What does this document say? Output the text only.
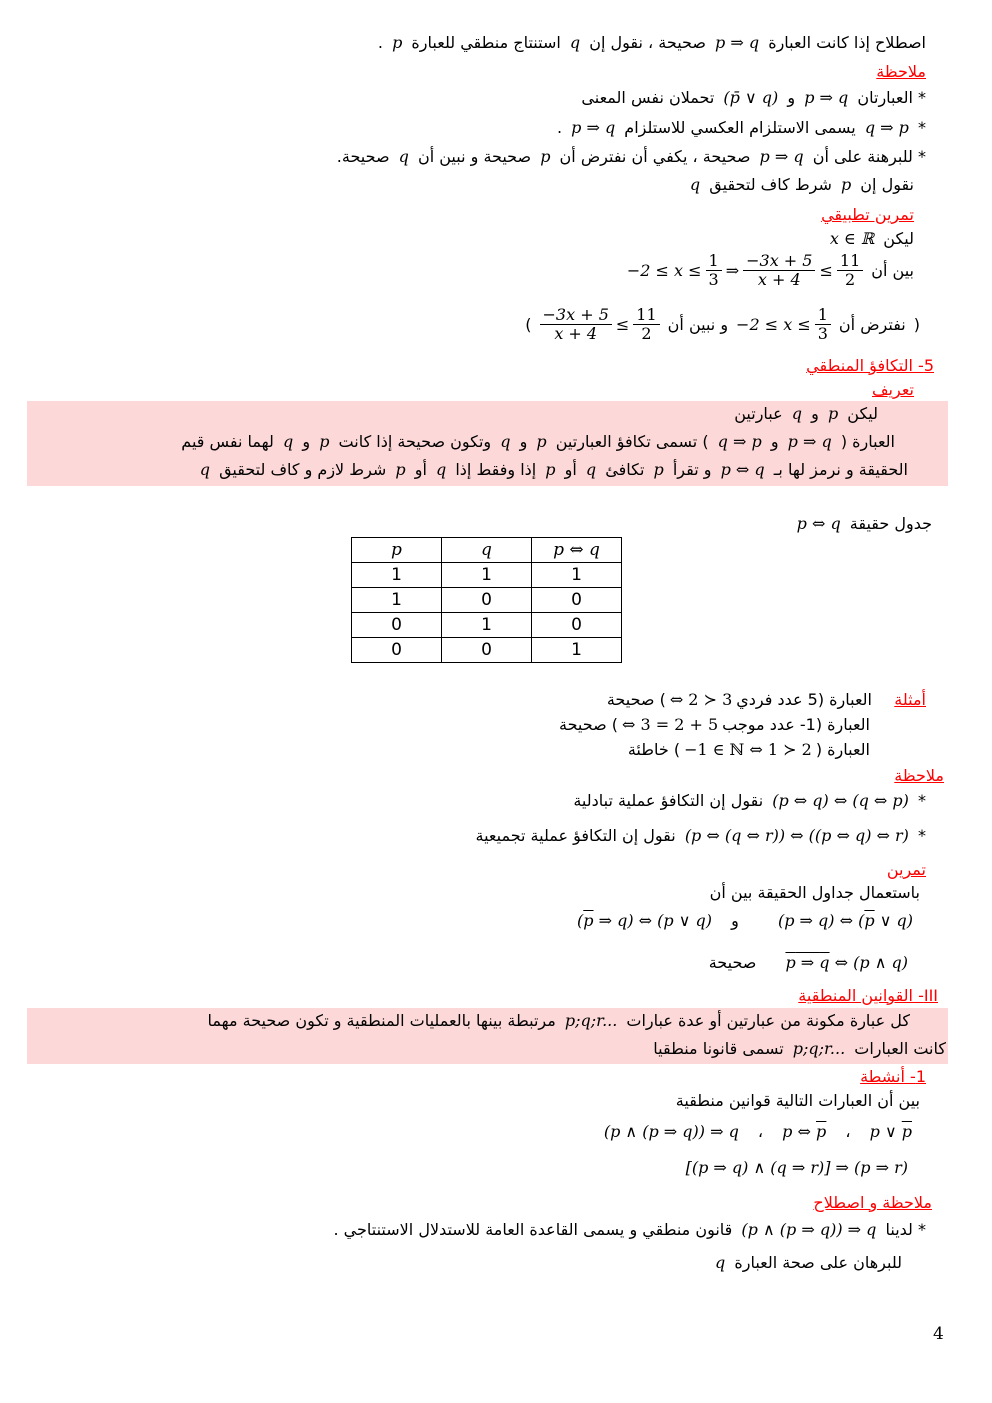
اصطلاح إذا كانت العبارة p ⇒ q صحيحة ، نقول إن q استنتاج منطقي للعبارة p .
ملاحظة
* العبارتان p ⇒ q و (p̄ ∨ q) تحملان نفس المعنى
* q ⇒ p يسمى الاستلزام العكسي للاستلزام p ⇒ q .
* للبرهنة على أن p ⇒ q صحيحة ، يكفي أن نفترض أن p صحيحة و نبين أن q صحيحة.
نقول إن p شرط كاف لتحقيق q
تمرين تطبيقي
ليكن x ∈ ℝ
بين أن
$-2 \le x \le \frac{1}{3}$ ⇒ $\frac{-3x + 5}{x + 4} \le \frac{11}{2}$
(
نفترض أن
$-2 \le x \le \frac{1}{3}$
و نبين أن
$\frac{-3x + 5}{x + 4} \le \frac{11}{2}$
)
5- التكافؤ المنطقي
تعريف
ليكن p و q عبارتين
العبارة ( p ⇒ q و q ⇒ p ) تسمى تكافؤ العبارتين p و q وتكون صحيحة إذا كانت p و q لهما نفس قيم
الحقيقة و نرمز لها بـ p ⇔ q و تقرأ p تكافئ q أو p إذا وفقط إذا q أو p شرط لازم و كاف لتحقيق q
جدول حقيقة p ⇔ q
p	q	p ⇔ q
1	1	1
1	0	0
0	1	0
0	0	1
أمثلة
العبارة (5 عدد فردي⇔ 2 ≻ 3) صحيحة
العبارة (1- عدد موجب⇔ 3 = 2 + 5) صحيحة
العبارة (−1 ∈ ℕ ⇔ 1 ≻ 2) خاطئة
ملاحظة
* (p ⇔ q) ⇔ (q ⇔ p) نقول إن التكافؤ عملية تبادلية
* (p ⇔ (q ⇔ r)) ⇔ ((p ⇔ q) ⇔ r) نقول إن التكافؤ عملية تجميعية
تمرين
باستعمال جداول الحقيقة بين أن
(p ⇒ q) ⇔ ($\overline{p}$ ∨ q) و ($\overline{p}$ ⇒ q) ⇔ (p ∨ q)
p ⇒ q ⇔ (p ∧ q) صحيحة
III- القوانين المنطقية
كل عبارة مكونة من عبارتين أو عدة عبارات p;q;r... مرتبطة بينها بالعمليات المنطقية و تكون صحيحة مهما
كانت العبارات p;q;r... تسمى قانونا منطقيا
1- أنشطة
بين أن العبارات التالية قوانين منطقية
p ∨ $\overline{p}$ ، p ⇔ p ، (p ∧ (p ⇒ q)) ⇒ q
[(p ⇒ q) ∧ (q ⇒ r)] ⇒ (p ⇒ r)
ملاحظة و اصطلاح
* لدينا (p ∧ (p ⇒ q)) ⇒ q قانون منطقي و يسمى القاعدة العامة للاستدلال الاستنتاجي .
للبرهان على صحة العبارة q
4
